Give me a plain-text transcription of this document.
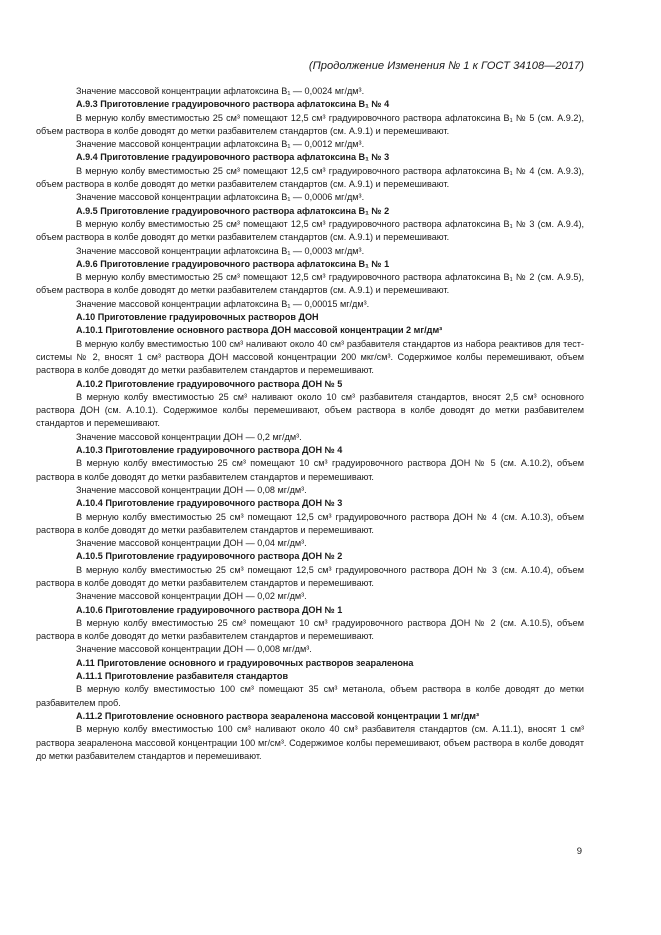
(Продолжение Изменения № 1 к ГОСТ 34108—2017)

Значение массовой концентрации афлатоксина B₁ — 0,0024 мг/дм³.

А.9.3 Приготовление градуировочного раствора афлатоксина B₁ № 4

В мерную колбу вместимостью 25 см³ помещают 12,5 см³ градуировочного раствора афлатоксина B₁ № 5 (см. А.9.2), объем раствора в колбе доводят до метки разбавителем стандартов (см. А.9.1) и перемешивают.

Значение массовой концентрации афлатоксина B₁ — 0,0012 мг/дм³.

А.9.4 Приготовление градуировочного раствора афлатоксина B₁ № 3

В мерную колбу вместимостью 25 см³ помещают 12,5 см³ градуировочного раствора афлатоксина B₁ № 4 (см. А.9.3), объем раствора в колбе доводят до метки разбавителем стандартов (см. А.9.1) и перемешивают.

Значение массовой концентрации афлатоксина B₁ — 0,0006 мг/дм³.

А.9.5 Приготовление градуировочного раствора афлатоксина B₁ № 2

В мерную колбу вместимостью 25 см³ помещают 12,5 см³ градуировочного раствора афлатоксина B₁ № 3 (см. А.9.4), объем раствора в колбе доводят до метки разбавителем стандартов (см. А.9.1) и перемешивают.

Значение массовой концентрации афлатоксина B₁ — 0,0003 мг/дм³.

А.9.6 Приготовление градуировочного раствора афлатоксина B₁ № 1

В мерную колбу вместимостью 25 см³ помещают 12,5 см³ градуировочного раствора афлатоксина B₁ № 2 (см. А.9.5), объем раствора в колбе доводят до метки разбавителем стандартов (см. А.9.1) и перемешивают.

Значение массовой концентрации афлатоксина B₁ — 0,00015 мг/дм³.

А.10 Приготовление градуировочных растворов ДОН

А.10.1 Приготовление основного раствора ДОН массовой концентрации 2 мг/дм³

В мерную колбу вместимостью 100 см³ наливают около 40 см³ разбавителя стандартов из набора реактивов для тест-системы № 2, вносят 1 см³ раствора ДОН массовой концентрации 200 мкг/см³. Содержимое колбы перемешивают, объем раствора в колбе доводят до метки разбавителем стандартов и перемешивают.

А.10.2 Приготовление градуировочного раствора ДОН № 5

В мерную колбу вместимостью 25 см³ наливают около 10 см³ разбавителя стандартов, вносят 2,5 см³ основного раствора ДОН (см. А.10.1). Содержимое колбы перемешивают, объем раствора в колбе доводят до метки разбавителем стандартов и перемешивают.

Значение массовой концентрации ДОН — 0,2 мг/дм³.

А.10.3 Приготовление градуировочного раствора ДОН № 4

В мерную колбу вместимостью 25 см³ помещают 10 см³ градуировочного раствора ДОН № 5 (см. А.10.2), объем раствора в колбе доводят до метки разбавителем стандартов и перемешивают.

Значение массовой концентрации ДОН — 0,08 мг/дм³.

А.10.4 Приготовление градуировочного раствора ДОН № 3

В мерную колбу вместимостью 25 см³ помещают 12,5 см³ градуировочного раствора ДОН № 4 (см. А.10.3), объем раствора в колбе доводят до метки разбавителем стандартов и перемешивают.

Значение массовой концентрации ДОН — 0,04 мг/дм³.

А.10.5 Приготовление градуировочного раствора ДОН № 2

В мерную колбу вместимостью 25 см³ помещают 12,5 см³ градуировочного раствора ДОН № 3 (см. А.10.4), объем раствора в колбе доводят до метки разбавителем стандартов и перемешивают.

Значение массовой концентрации ДОН — 0,02 мг/дм³.

А.10.6 Приготовление градуировочного раствора ДОН № 1

В мерную колбу вместимостью 25 см³ помещают 10 см³ градуировочного раствора ДОН № 2 (см. А.10.5), объем раствора в колбе доводят до метки разбавителем стандартов и перемешивают.

Значение массовой концентрации ДОН — 0,008 мг/дм³.

А.11 Приготовление основного и градуировочных растворов зеараленона

А.11.1 Приготовление разбавителя стандартов

В мерную колбу вместимостью 100 см³ помещают 35 см³ метанола, объем раствора в колбе доводят до метки разбавителем проб.

А.11.2 Приготовление основного раствора зеараленона массовой концентрации 1 мг/дм³

В мерную колбу вместимостью 100 см³ наливают около 40 см³ разбавителя стандартов (см. А.11.1), вносят 1 см³ раствора зеараленона массовой концентрации 100 мг/см³. Содержимое колбы перемешивают, объем раствора в колбе доводят до метки разбавителем стандартов и перемешивают.

9
